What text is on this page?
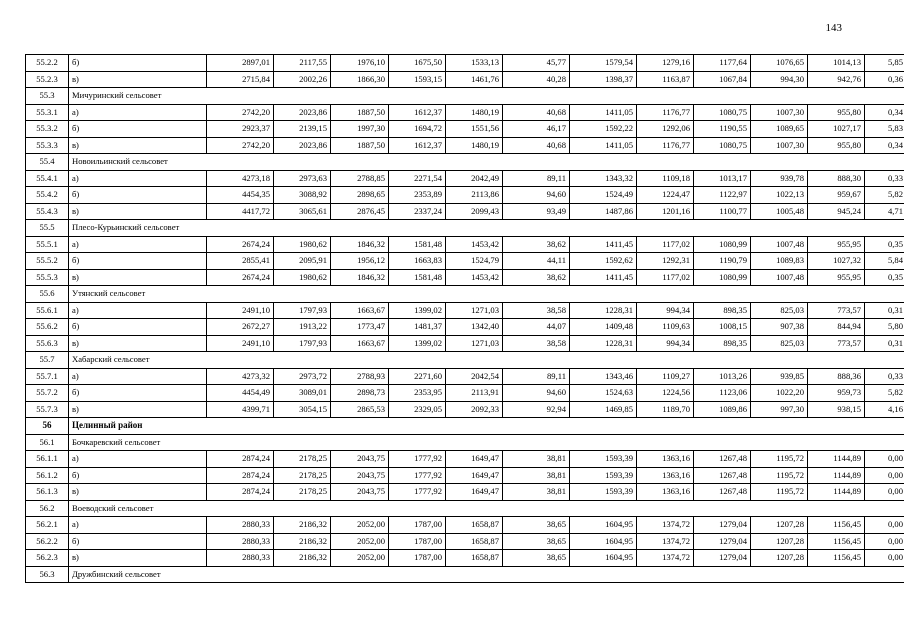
143
55.2.2	б)	2897,01	2117,55	1976,10	1675,50	1533,13	45,77	1579,54	1279,16	1177,64	1076,65	1014,13	5,85
55.2.3	в)	2715,84	2002,26	1866,30	1593,15	1461,76	40,28	1398,37	1163,87	1067,84	994,30	942,76	0,36
55.3	Мичуринский сельсовет												
55.3.1	а)	2742,20	2023,86	1887,50	1612,37	1480,19	40,68	1411,05	1176,77	1080,75	1007,30	955,80	0,34
55.3.2	б)	2923,37	2139,15	1997,30	1694,72	1551,56	46,17	1592,22	1292,06	1190,55	1089,65	1027,17	5,83
55.3.3	в)	2742,20	2023,86	1887,50	1612,37	1480,19	40,68	1411,05	1176,77	1080,75	1007,30	955,80	0,34
55.4	Новоильинский сельсовет												
55.4.1	а)	4273,18	2973,63	2788,85	2271,54	2042,49	89,11	1343,32	1109,18	1013,17	939,78	888,30	0,33
55.4.2	б)	4454,35	3088,92	2898,65	2353,89	2113,86	94,60	1524,49	1224,47	1122,97	1022,13	959,67	5,82
55.4.3	в)	4417,72	3065,61	2876,45	2337,24	2099,43	93,49	1487,86	1201,16	1100,77	1005,48	945,24	4,71
55.5	Плесо-Курьинский сельсовет												
55.5.1	а)	2674,24	1980,62	1846,32	1581,48	1453,42	38,62	1411,45	1177,02	1080,99	1007,48	955,95	0,35
55.5.2	б)	2855,41	2095,91	1956,12	1663,83	1524,79	44,11	1592,62	1292,31	1190,79	1089,83	1027,32	5,84
55.5.3	в)	2674,24	1980,62	1846,32	1581,48	1453,42	38,62	1411,45	1177,02	1080,99	1007,48	955,95	0,35
55.6	Утянский сельсовет												
55.6.1	а)	2491,10	1797,93	1663,67	1399,02	1271,03	38,58	1228,31	994,34	898,35	825,03	773,57	0,31
55.6.2	б)	2672,27	1913,22	1773,47	1481,37	1342,40	44,07	1409,48	1109,63	1008,15	907,38	844,94	5,80
55.6.3	в)	2491,10	1797,93	1663,67	1399,02	1271,03	38,58	1228,31	994,34	898,35	825,03	773,57	0,31
55.7	Хабарский сельсовет												
55.7.1	а)	4273,32	2973,72	2788,93	2271,60	2042,54	89,11	1343,46	1109,27	1013,26	939,85	888,36	0,33
55.7.2	б)	4454,49	3089,01	2898,73	2353,95	2113,91	94,60	1524,63	1224,56	1123,06	1022,20	959,73	5,82
55.7.3	в)	4399,71	3054,15	2865,53	2329,05	2092,33	92,94	1469,85	1189,70	1089,86	997,30	938,15	4,16
56	Целинный район												
56.1	Бочкаревский сельсовет												
56.1.1	а)	2874,24	2178,25	2043,75	1777,92	1649,47	38,81	1593,39	1363,16	1267,48	1195,72	1144,89	0,00
56.1.2	б)	2874,24	2178,25	2043,75	1777,92	1649,47	38,81	1593,39	1363,16	1267,48	1195,72	1144,89	0,00
56.1.3	в)	2874,24	2178,25	2043,75	1777,92	1649,47	38,81	1593,39	1363,16	1267,48	1195,72	1144,89	0,00
56.2	Воеводский сельсовет												
56.2.1	а)	2880,33	2186,32	2052,00	1787,00	1658,87	38,65	1604,95	1374,72	1279,04	1207,28	1156,45	0,00
56.2.2	б)	2880,33	2186,32	2052,00	1787,00	1658,87	38,65	1604,95	1374,72	1279,04	1207,28	1156,45	0,00
56.2.3	в)	2880,33	2186,32	2052,00	1787,00	1658,87	38,65	1604,95	1374,72	1279,04	1207,28	1156,45	0,00
56.3	Дружбинский сельсовет												
